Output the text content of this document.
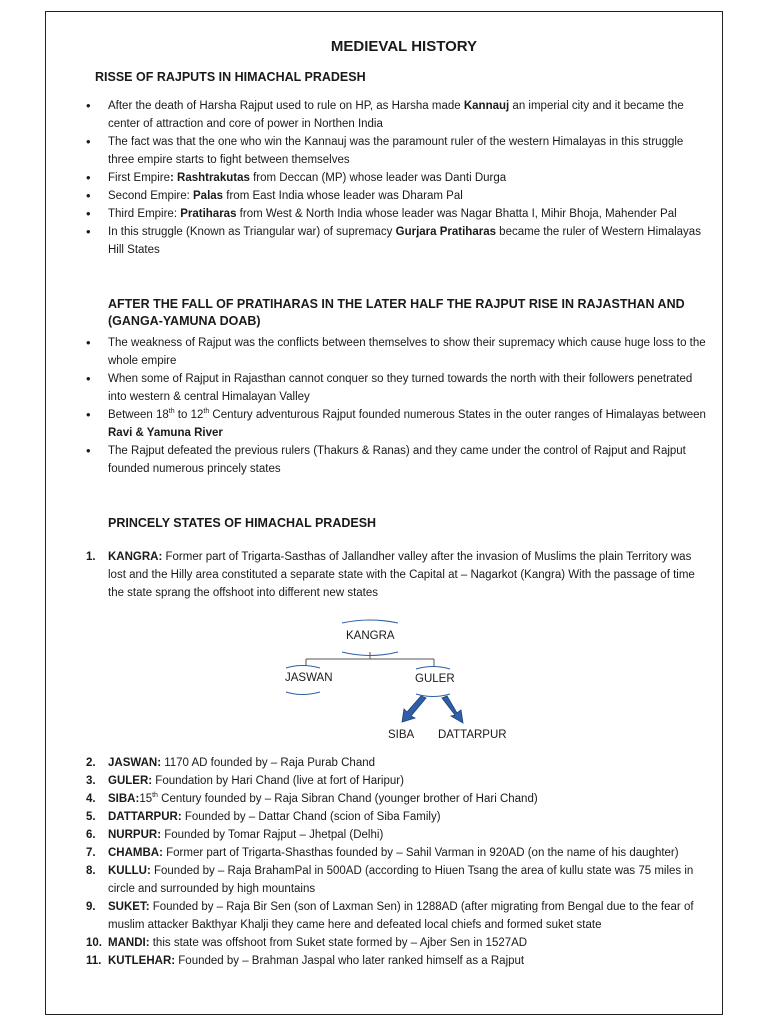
MEDIEVAL HISTORY
RISSE OF RAJPUTS IN HIMACHAL PRADESH
• After the death of Harsha Rajput used to rule on HP, as Harsha made Kannauj an imperial city and it became the center of attraction and core of power in Northen India
• The fact was that the one who win the Kannauj was the paramount ruler of the western Himalayas in this struggle three empire starts to fight between themselves
• First Empire: Rashtrakutas from Deccan (MP) whose leader was Danti Durga
• Second Empire: Palas from East India whose leader was Dharam Pal
• Third Empire: Pratiharas from West & North India whose leader was Nagar Bhatta I, Mihir Bhoja, Mahender Pal
• In this struggle (Known as Triangular war) of supremacy Gurjara Pratiharas became the ruler of Western Himalayas Hill States
AFTER THE FALL OF PRATIHARAS IN THE LATER HALF THE RAJPUT RISE IN RAJASTHAN AND
(GANGA-YAMUNA DOAB)
• The weakness of Rajput was the conflicts between themselves to show their supremacy which cause huge loss to the whole empire
• When some of Rajput in Rajasthan cannot conquer so they turned towards the north with their followers penetrated into western & central Himalayan Valley
• Between 18th to 12th Century adventurous Rajput founded numerous States in the outer ranges of Himalayas between Ravi & Yamuna River
• The Rajput defeated the previous rulers (Thakurs & Ranas) and they came under the control of Rajput and Rajput founded numerous princely states
PRINCELY STATES OF HIMACHAL PRADESH
1. KANGRA: Former part of Trigarta-Sasthas of Jallandher valley after the invasion of Muslims the plain Territory was lost and the Hilly area constituted a separate state with the Capital at – Nagarkot (Kangra) With the passage of time the state sprang the offshoot into different new states
KANGRA
JASWAN	GULER
SIBA DATTARPUR
2. JASWAN: 1170 AD founded by – Raja Purab Chand
3. GULER: Foundation by Hari Chand (live at fort of Haripur)
4. SIBA:15th Century founded by – Raja Sibran Chand (younger brother of Hari Chand)
5. DATTARPUR: Founded by – Dattar Chand (scion of Siba Family)
6. NURPUR: Founded by Tomar Rajput – Jhetpal (Delhi)
7. CHAMBA: Former part of Trigarta-Shasthas founded by – Sahil Varman in 920AD (on the name of his daughter)
8. KULLU: Founded by – Raja BrahamPal in 500AD (according to Hiuen Tsang the area of kullu state was 75 miles in circle and surrounded by high mountains
9. SUKET: Founded by – Raja Bir Sen (son of Laxman Sen) in 1288AD (after migrating from Bengal due to the fear of muslim attacker Bakthyar Khalji they came here and defeated local chiefs and formed suket state
10. MANDI: this state was offshoot from Suket state formed by – Ajber Sen in 1527AD
11. KUTLEHAR: Founded by – Brahman Jaspal who later ranked himself as a Rajput
